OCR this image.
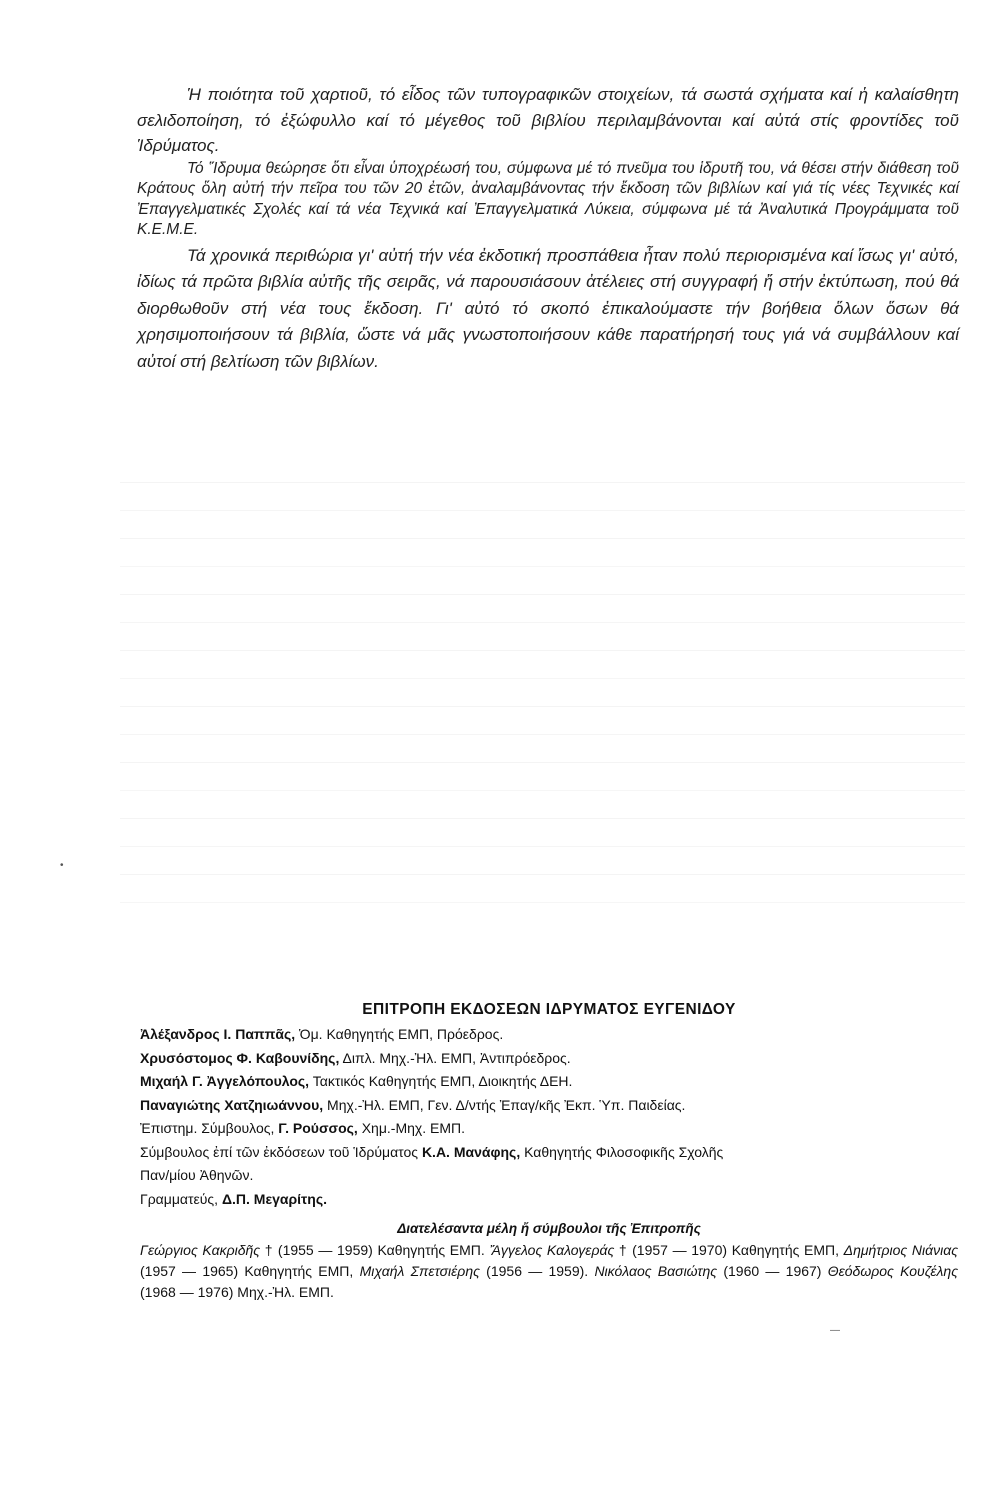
•
—

Ἡ ποιότητα τοῦ χαρτιοῦ, τό εἶδος τῶν τυπογραφικῶν στοιχείων, τά σωστά σχήματα καί ἡ καλαίσθητη σελιδοποίηση, τό ἐξώφυλλο καί τό μέγεθος τοῦ βιβλίου περιλαμβάνονται καί αὐτά στίς φροντίδες τοῦ Ἱδρύματος.

Τό Ἵδρυμα θεώρησε ὅτι εἶναι ὑποχρέωσή του, σύμφωνα μέ τό πνεῦμα του ἱδρυτῆ του, νά θέσει στήν διάθεση τοῦ Κράτους ὅλη αὐτή τήν πεῖρα του τῶν 20 ἐτῶν, ἀναλαμβάνοντας τήν ἔκδοση τῶν βιβλίων καί γιά τίς νέες Τεχνικές καί Ἐπαγγελματικές Σχολές καί τά νέα Τεχνικά καί Ἐπαγγελματικά Λύκεια, σύμφωνα μέ τά Ἀναλυτικά Προγράμματα τοῦ Κ.Ε.Μ.Ε.

Τά χρονικά περιθώρια γι' αὐτή τήν νέα ἐκδοτική προσπάθεια ἦταν πολύ περιορισμένα καί ἴσως γι' αὐτό, ἰδίως τά πρῶτα βιβλία αὐτῆς τῆς σειρᾶς, νά παρουσιάσουν ἀτέλειες στή συγγραφή ἤ στήν ἐκτύπωση, πού θά διορθωθοῦν στή νέα τους ἔκδοση. Γι' αὐτό τό σκοπό ἐπικαλούμαστε τήν βοήθεια ὅλων ὅσων θά χρησιμοποιήσουν τά βιβλία, ὥστε νά μᾶς γνωστοποιήσουν κάθε παρατήρησή τους γιά νά συμβάλλουν καί αὐτοί στή βελτίωση τῶν βιβλίων.

ΕΠΙΤΡΟΠΗ ΕΚΔΟΣΕΩΝ ΙΔΡΥΜΑΤΟΣ ΕΥΓΕΝΙΔΟΥ

Ἀλέξανδρος Ι. Παππᾶς, Ὁμ. Καθηγητής ΕΜΠ, Πρόεδρος.

Χρυσόστομος Φ. Καβουνίδης, Διπλ. Μηχ.-Ἠλ. ΕΜΠ, Ἀντιπρόεδρος.

Μιχαήλ Γ. Ἀγγελόπουλος, Τακτικός Καθηγητής ΕΜΠ, Διοικητής ΔΕΗ.

Παναγιώτης Χατζηιωάννου, Μηχ.-Ἠλ. ΕΜΠ, Γεν. Δ/ντής Ἐπαγ/κῆς Ἐκπ. Ὑπ. Παιδείας.

Ἐπιστημ. Σύμβουλος, Γ. Ρούσσος, Χημ.-Μηχ. ΕΜΠ.

Σύμβουλος ἐπί τῶν ἐκδόσεων τοῦ Ἱδρύματος Κ.Α. Μανάφης, Καθηγητής Φιλοσοφικῆς Σχολῆς

Παν/μίου Ἀθηνῶν.

Γραμματεύς, Δ.Π. Μεγαρίτης.

Διατελέσαντα μέλη ἤ σύμβουλοι τῆς Ἐπιτροπῆς

Γεώργιος Κακριδῆς † (1955 — 1959) Καθηγητής ΕΜΠ. Ἄγγελος Καλογεράς † (1957 — 1970) Καθηγητής ΕΜΠ, Δημήτριος Νιάνιας (1957 — 1965) Καθηγητής ΕΜΠ, Μιχαήλ Σπετσιέρης (1956 — 1959). Νικόλαος Βασιώτης (1960 — 1967) Θεόδωρος Κουζέλης (1968 — 1976) Μηχ.-Ἠλ. ΕΜΠ.
